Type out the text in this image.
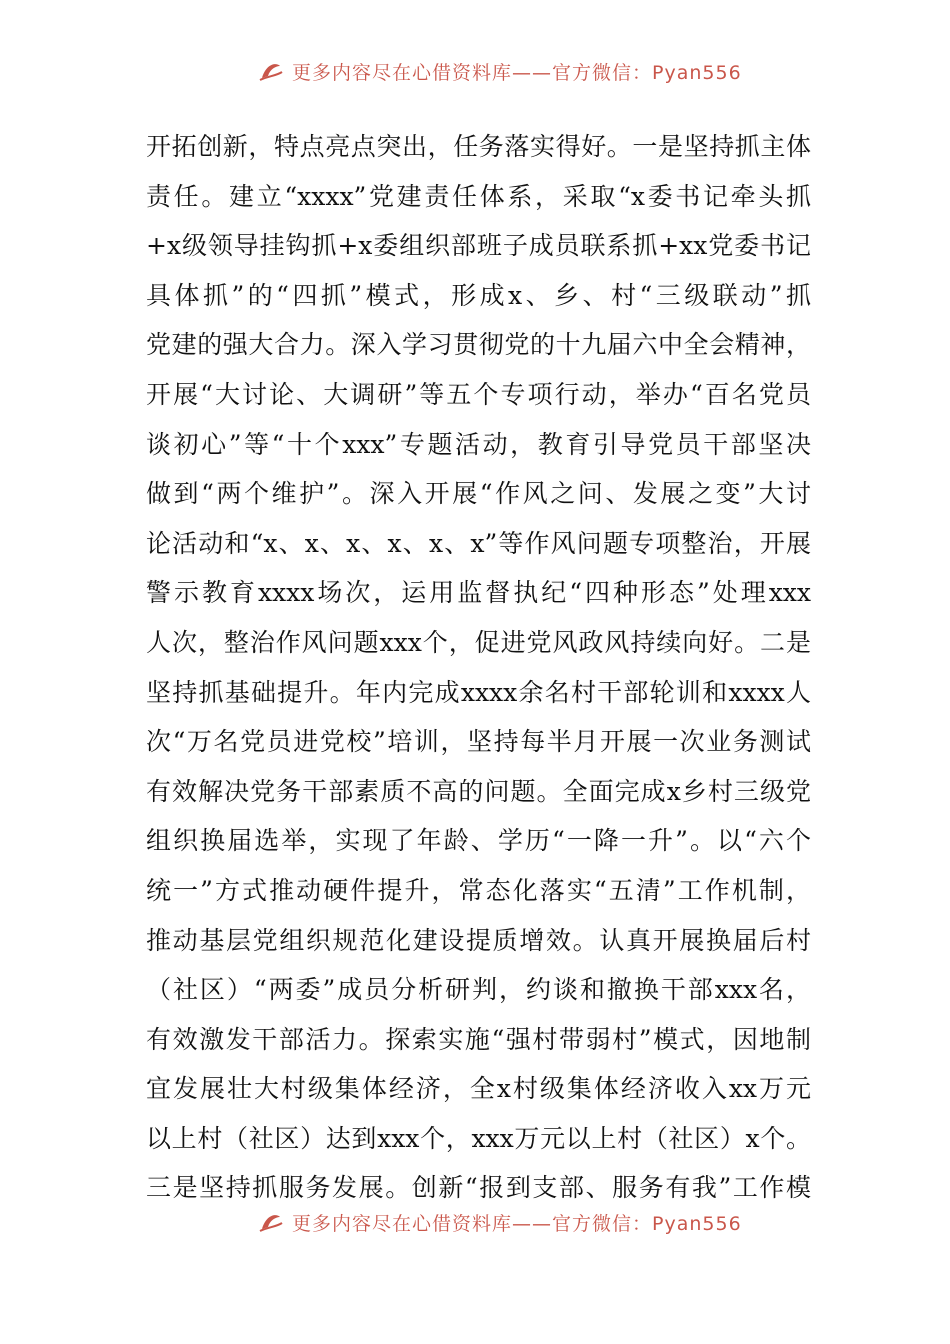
更多内容尽在心借资料库——官方微信：Pyan556
开拓创新，特点亮点突出，任务落实得好。一是坚持抓主体
责任。建立“xxxx”党建责任体系，采取“x委书记牵头抓
+x级领导挂钩抓+x委组织部班子成员联系抓+xx党委书记
具体抓”的“四抓”模式，形成x、乡、村“三级联动”抓
党建的强大合力。深入学习贯彻党的十九届六中全会精神，
开展“大讨论、大调研”等五个专项行动，举办“百名党员
谈初心”等“十个xxx”专题活动，教育引导党员干部坚决
做到“两个维护”。深入开展“作风之问、发展之变”大讨
论活动和“x、x、x、x、x、x”等作风问题专项整治，开展
警示教育xxxx场次，运用监督执纪“四种形态”处理xxx
人次，整治作风问题xxx个，促进党风政风持续向好。二是
坚持抓基础提升。年内完成xxxx余名村干部轮训和xxxx人
次“万名党员进党校”培训，坚持每半月开展一次业务测试
有效解决党务干部素质不高的问题。全面完成x乡村三级党
组织换届选举，实现了年龄、学历“一降一升”。以“六个
统一”方式推动硬件提升，常态化落实“五清”工作机制，
推动基层党组织规范化建设提质增效。认真开展换届后村
（社区）“两委”成员分析研判，约谈和撤换干部xxx名，
有效激发干部活力。探索实施“强村带弱村”模式，因地制
宜发展壮大村级集体经济，全x村级集体经济收入xx万元
以上村（社区）达到xxx个，xxx万元以上村（社区）x个。
三是坚持抓服务发展。创新“报到支部、服务有我”工作模
更多内容尽在心借资料库——官方微信：Pyan556
